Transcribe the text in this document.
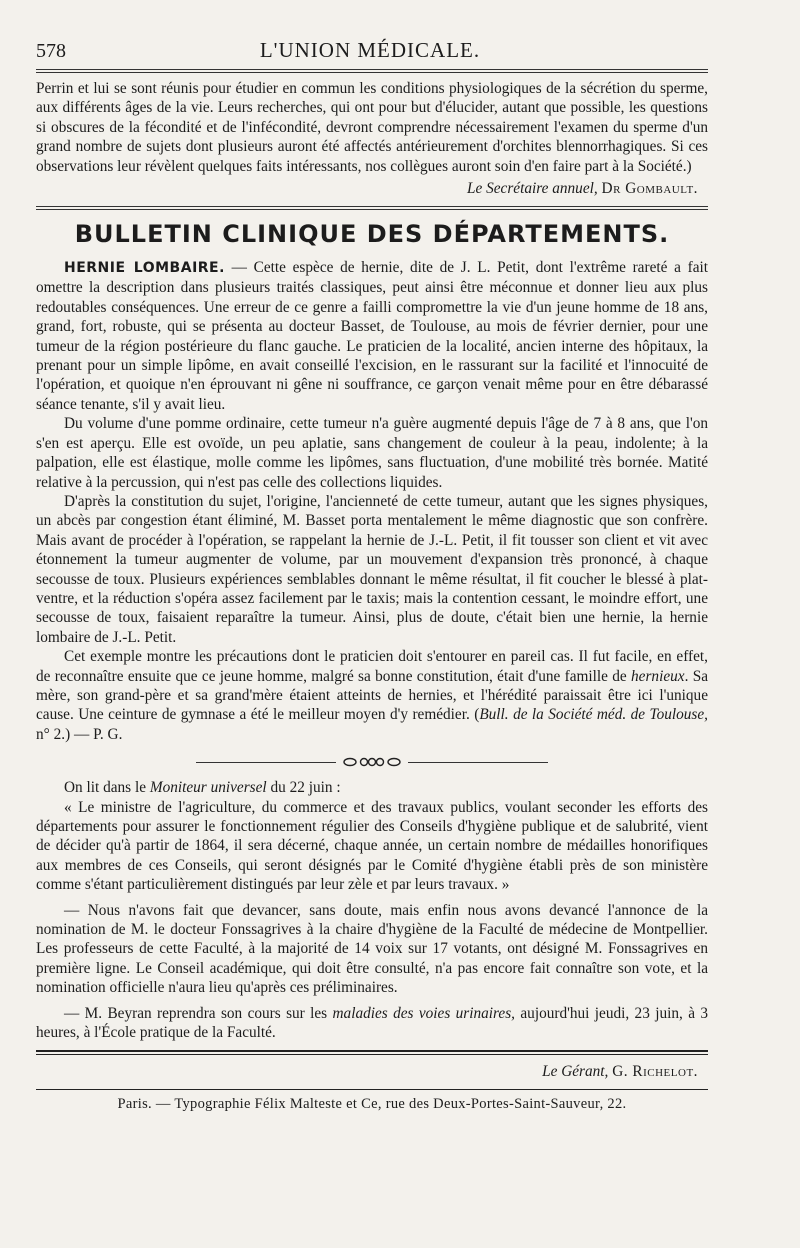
578	L'UNION MÉDICALE.

Perrin et lui se sont réunis pour étudier en commun les conditions physiologiques de la sécrétion du sperme, aux différents âges de la vie. Leurs recherches, qui ont pour but d'élucider, autant que possible, les questions si obscures de la fécondité et de l'infécondité, devront comprendre nécessairement l'examen du sperme d'un grand nombre de sujets dont plusieurs auront été affectés antérieurement d'orchites blennorrhagiques. Si ces observations leur révèlent quelques faits intéressants, nos collègues auront soin d'en faire part à la Société.)

Le Secrétaire annuel, Dr Gombault.
BULLETIN CLINIQUE DES DÉPARTEMENTS.

HERNIE LOMBAIRE. — Cette espèce de hernie, dite de J. L. Petit, dont l'extrême rareté a fait omettre la description dans plusieurs traités classiques, peut ainsi être méconnue et donner lieu aux plus redoutables conséquences. Une erreur de ce genre a failli compromettre la vie d'un jeune homme de 18 ans, grand, fort, robuste, qui se présenta au docteur Basset, de Toulouse, au mois de février dernier, pour une tumeur de la région postérieure du flanc gauche. Le praticien de la localité, ancien interne des hôpitaux, la prenant pour un simple lipôme, en avait conseillé l'excision, en le rassurant sur la facilité et l'innocuité de l'opération, et quoique n'en éprouvant ni gêne ni souffrance, ce garçon venait même pour en être débarassé séance tenante, s'il y avait lieu.

Du volume d'une pomme ordinaire, cette tumeur n'a guère augmenté depuis l'âge de 7 à 8 ans, que l'on s'en est aperçu. Elle est ovoïde, un peu aplatie, sans changement de couleur à la peau, indolente; à la palpation, elle est élastique, molle comme les lipômes, sans fluctuation, d'une mobilité très bornée. Matité relative à la percussion, qui n'est pas celle des collections liquides.

D'après la constitution du sujet, l'origine, l'ancienneté de cette tumeur, autant que les signes physiques, un abcès par congestion étant éliminé, M. Basset porta mentalement le même diagnostic que son confrère. Mais avant de procéder à l'opération, se rappelant la hernie de J.-L. Petit, il fit tousser son client et vit avec étonnement la tumeur augmenter de volume, par un mouvement d'expansion très prononcé, à chaque secousse de toux. Plusieurs expériences semblables donnant le même résultat, il fit coucher le blessé à plat-ventre, et la réduction s'opéra assez facilement par le taxis; mais la contention cessant, le moindre effort, une secousse de toux, faisaient reparaître la tumeur. Ainsi, plus de doute, c'était bien une hernie, la hernie lombaire de J.-L. Petit.

Cet exemple montre les précautions dont le praticien doit s'entourer en pareil cas. Il fut facile, en effet, de reconnaître ensuite que ce jeune homme, malgré sa bonne constitution, était d'une famille de hernieux. Sa mère, son grand-père et sa grand'mère étaient atteints de hernies, et l'hérédité paraissait être ici l'unique cause. Une ceinture de gymnase a été le meilleur moyen d'y remédier. (Bull. de la Société méd. de Toulouse, n° 2.) — P. G.

On lit dans le Moniteur universel du 22 juin :

« Le ministre de l'agriculture, du commerce et des travaux publics, voulant seconder les efforts des départements pour assurer le fonctionnement régulier des Conseils d'hygiène publique et de salubrité, vient de décider qu'à partir de 1864, il sera décerné, chaque année, un certain nombre de médailles honorifiques aux membres de ces Conseils, qui seront désignés par le Comité d'hygiène établi près de son ministère comme s'étant particulièrement distingués par leur zèle et par leurs travaux. »

— Nous n'avons fait que devancer, sans doute, mais enfin nous avons devancé l'annonce de la nomination de M. le docteur Fonssagrives à la chaire d'hygiène de la Faculté de médecine de Montpellier. Les professeurs de cette Faculté, à la majorité de 14 voix sur 17 votants, ont désigné M. Fonssagrives en première ligne. Le Conseil académique, qui doit être consulté, n'a pas encore fait connaître son vote, et la nomination officielle n'aura lieu qu'après ces préliminaires.

— M. Beyran reprendra son cours sur les maladies des voies urinaires, aujourd'hui jeudi, 23 juin, à 3 heures, à l'École pratique de la Faculté.

Le Gérant, G. Richelot.
Paris. — Typographie Félix Malteste et Ce, rue des Deux-Portes-Saint-Sauveur, 22.
